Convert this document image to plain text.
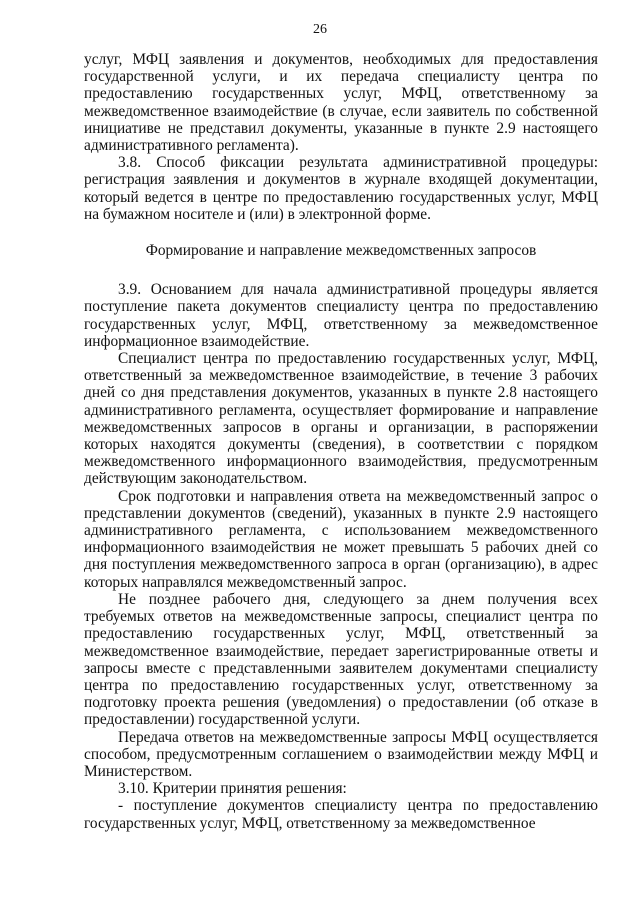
26

услуг, МФЦ заявления и документов, необходимых для предоставления государственной услуги, и их передача специалисту центра по предоставлению государственных услуг, МФЦ, ответственному за межведомственное взаимодействие (в случае, если заявитель по собственной инициативе не представил документы, указанные в пункте 2.9 настоящего административного регламента).

3.8. Способ фиксации результата административной процедуры: регистрация заявления и документов в журнале входящей документации, который ведется в центре по предоставлению государственных услуг, МФЦ на бумажном носителе и (или) в электронной форме.

Формирование и направление межведомственных запросов

3.9. Основанием для начала административной процедуры является поступление пакета документов специалисту центра по предоставлению государственных услуг, МФЦ, ответственному за межведомственное информационное взаимодействие.

Специалист центра по предоставлению государственных услуг, МФЦ, ответственный за межведомственное взаимодействие, в течение 3 рабочих дней со дня представления документов, указанных в пункте 2.8 настоящего административного регламента, осуществляет формирование и направление межведомственных запросов в органы и организации, в распоряжении которых находятся документы (сведения), в соответствии с порядком межведомственного информационного взаимодействия, предусмотренным действующим законодательством.

Срок подготовки и направления ответа на межведомственный запрос о представлении документов (сведений), указанных в пункте 2.9 настоящего административного регламента, с использованием межведомственного информационного взаимодействия не может превышать 5 рабочих дней со дня поступления межведомственного запроса в орган (организацию), в адрес которых направлялся межведомственный запрос.

Не позднее рабочего дня, следующего за днем получения всех требуемых ответов на межведомственные запросы, специалист центра по предоставлению государственных услуг, МФЦ, ответственный за межведомственное взаимодействие, передает зарегистрированные ответы и запросы вместе с представленными заявителем документами специалисту центра по предоставлению государственных услуг, ответственному за подготовку проекта решения (уведомления) о предоставлении (об отказе в предоставлении) государственной услуги.

Передача ответов на межведомственные запросы МФЦ осуществляется способом, предусмотренным соглашением о взаимодействии между МФЦ и Министерством.

3.10. Критерии принятия решения:

- поступление документов специалисту центра по предоставлению государственных услуг, МФЦ, ответственному за межведомственное
